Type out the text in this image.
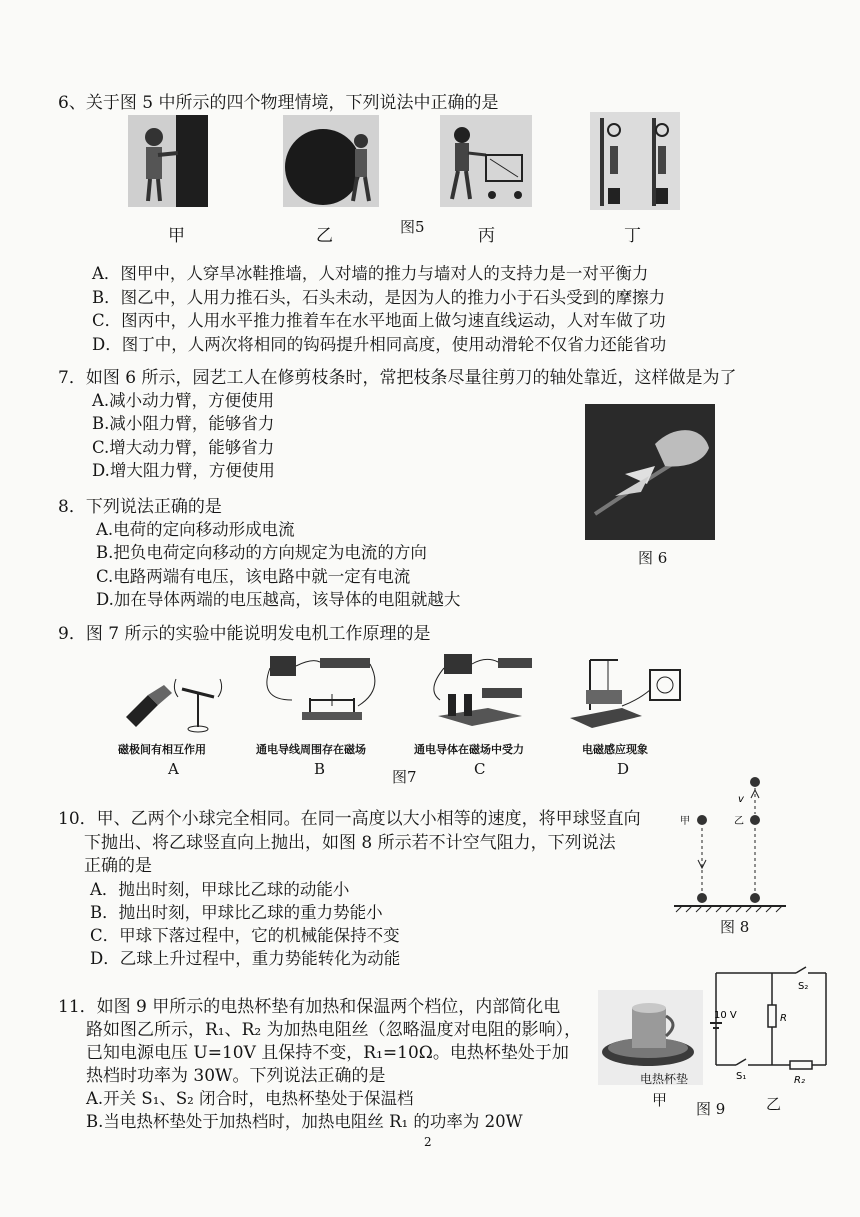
6、关于图 5 中所示的四个物理情境，下列说法中正确的是
甲	乙	图5	丙	丁
A．图甲中，人穿旱冰鞋推墙，人对墙的推力与墙对人的支持力是一对平衡力
B．图乙中，人用力推石头，石头未动，是因为人的推力小于石头受到的摩擦力
C．图丙中，人用水平推力推着车在水平地面上做匀速直线运动，人对车做了功
D．图丁中，人两次将相同的钩码提升相同高度，使用动滑轮不仅省力还能省功
7．如图 6 所示，园艺工人在修剪枝条时，常把枝条尽量往剪刀的轴处靠近，这样做是为了
A.减小动力臂，方便使用
B.减小阻力臂，能够省力
C.增大动力臂，能够省力
D.增大阻力臂，方便使用
图 6
8．下列说法正确的是
A.电荷的定向移动形成电流
B.把负电荷定向移动的方向规定为电流的方向
C.电路两端有电压，该电路中就一定有电流
D.加在导体两端的电压越高，该导体的电阻就越大
9．图 7 所示的实验中能说明发电机工作原理的是
磁极间有相互作用	通电导线周围存在磁场	通电导体在磁场中受力	电磁感应现象
A	B	C	D
图7
10．甲、乙两个小球完全相同。在同一高度以大小相等的速度，将甲球竖直向
下抛出、将乙球竖直向上抛出，如图 8 所示若不计空气阻力，下列说法
正确的是
A．抛出时刻，甲球比乙球的动能小
B．抛出时刻，甲球比乙球的重力势能小
C．甲球下落过程中，它的机械能保持不变
D．乙球上升过程中，重力势能转化为动能
v
乙
甲
图 8
11．如图 9 甲所示的电热杯垫有加热和保温两个档位，内部简化电
路如图乙所示，R₁、R₂ 为加热电阻丝（忽略温度对电阻的影响），
已知电源电压 U=10V 且保持不变，R₁=10Ω。电热杯垫处于加
热档时功率为 30W。下列说法正确的是
A.开关 S₁、S₂ 闭合时，电热杯垫处于保温档
B.当电热杯垫处于加热档时，加热电阻丝 R₁ 的功率为 20W
电热杯垫
10 V	R
R₂
S₁
S₂
甲	乙
图 9
2
